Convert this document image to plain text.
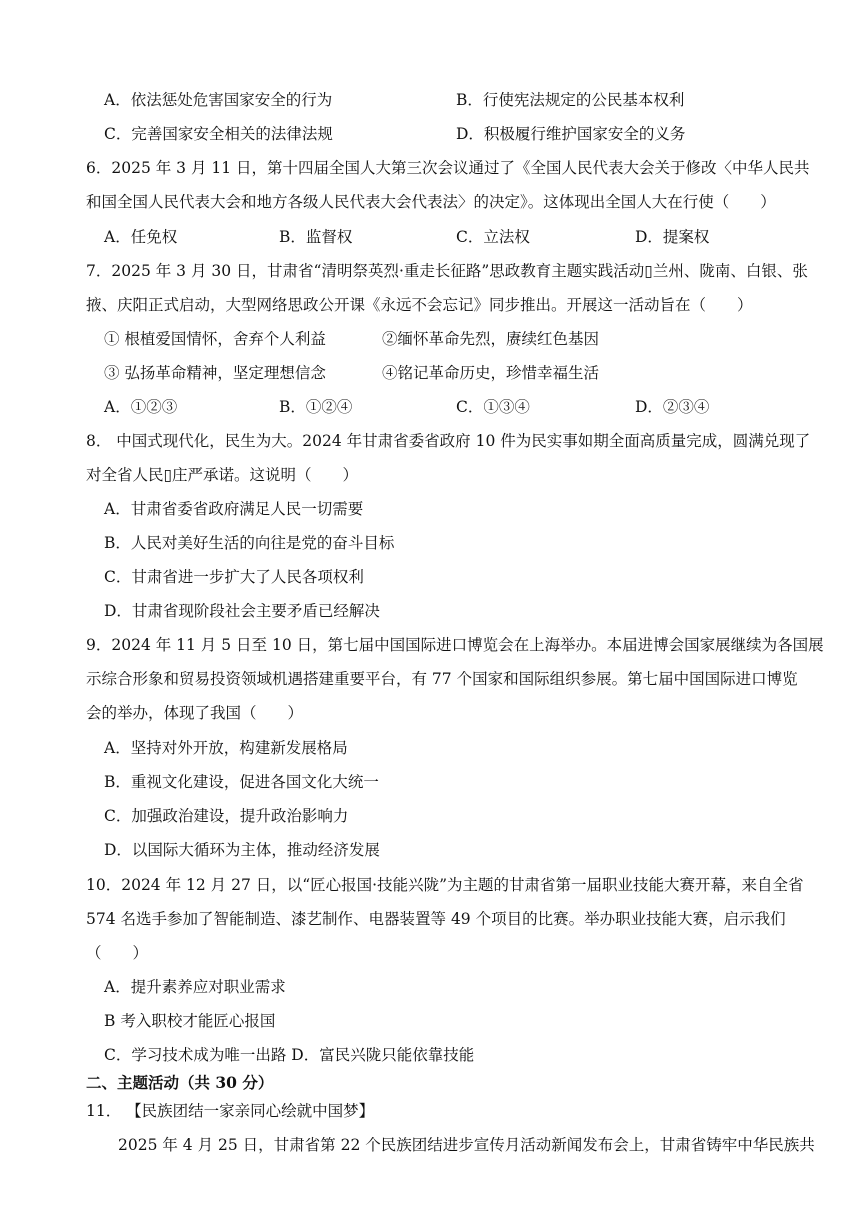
A．依法惩处危害国家安全的行为	B．行使宪法规定的公民基本权利
C．完善国家安全相关的法律法规	D．积极履行维护国家安全的义务
6．2025 年 3 月 11 日，第十四届全国人大第三次会议通过了《全国人民代表大会关于修改〈中华人民共
和国全国人民代表大会和地方各级人民代表大会代表法〉的决定》。这体现出全国人大在行使（　　）
A．任免权	B．监督权	C．立法权	D．提案权
7．2025 年 3 月 30 日，甘肃省“清明祭英烈·重走长征路”思政教育主题实践活动▯兰州、陇南、白银、张
掖、庆阳正式启动，大型网络思政公开课《永远不会忘记》同步推出。开展这一活动旨在（　　）
① 根植爱国情怀，舍弃个人利益	②缅怀革命先烈，赓续红色基因
③ 弘扬革命精神，坚定理想信念	④铭记革命历史，珍惜幸福生活
A．①②③	B．①②④	C．①③④	D．②③④
8． 中国式现代化，民生为大。2024 年甘肃省委省政府 10 件为民实事如期全面高质量完成，圆满兑现了
对全省人民▯庄严承诺。这说明（　　）
A．甘肃省委省政府满足人民一切需要
B．人民对美好生活的向往是党的奋斗目标
C．甘肃省进一步扩大了人民各项权利
D．甘肃省现阶段社会主要矛盾已经解决
9．2024 年 11 月 5 日至 10 日，第七届中国国际进口博览会在上海举办。本届进博会国家展继续为各国展
示综合形象和贸易投资领域机遇搭建重要平台，有 77 个国家和国际组织参展。第七届中国国际进口博览
会的举办，体现了我国（　　）
A．坚持对外开放，构建新发展格局
B．重视文化建设，促进各国文化大统一
C．加强政治建设，提升政治影响力
D．以国际大循环为主体，推动经济发展
10．2024 年 12 月 27 日，以“匠心报国·技能兴陇”为主题的甘肃省第一届职业技能大赛开幕，来自全省
574 名选手参加了智能制造、漆艺制作、电器装置等 49 个项目的比赛。举办职业技能大赛，启示我们
（　　）
A．提升素养应对职业需求
B 考入职校才能匠心报国
C．学习技术成为唯一出路 D．富民兴陇只能依靠技能
二、主题活动（共 30 分）
11． 【民族团结一家亲同心绘就中国梦】
2025 年 4 月 25 日，甘肃省第 22 个民族团结进步宣传月活动新闻发布会上，甘肃省铸牢中华民族共
